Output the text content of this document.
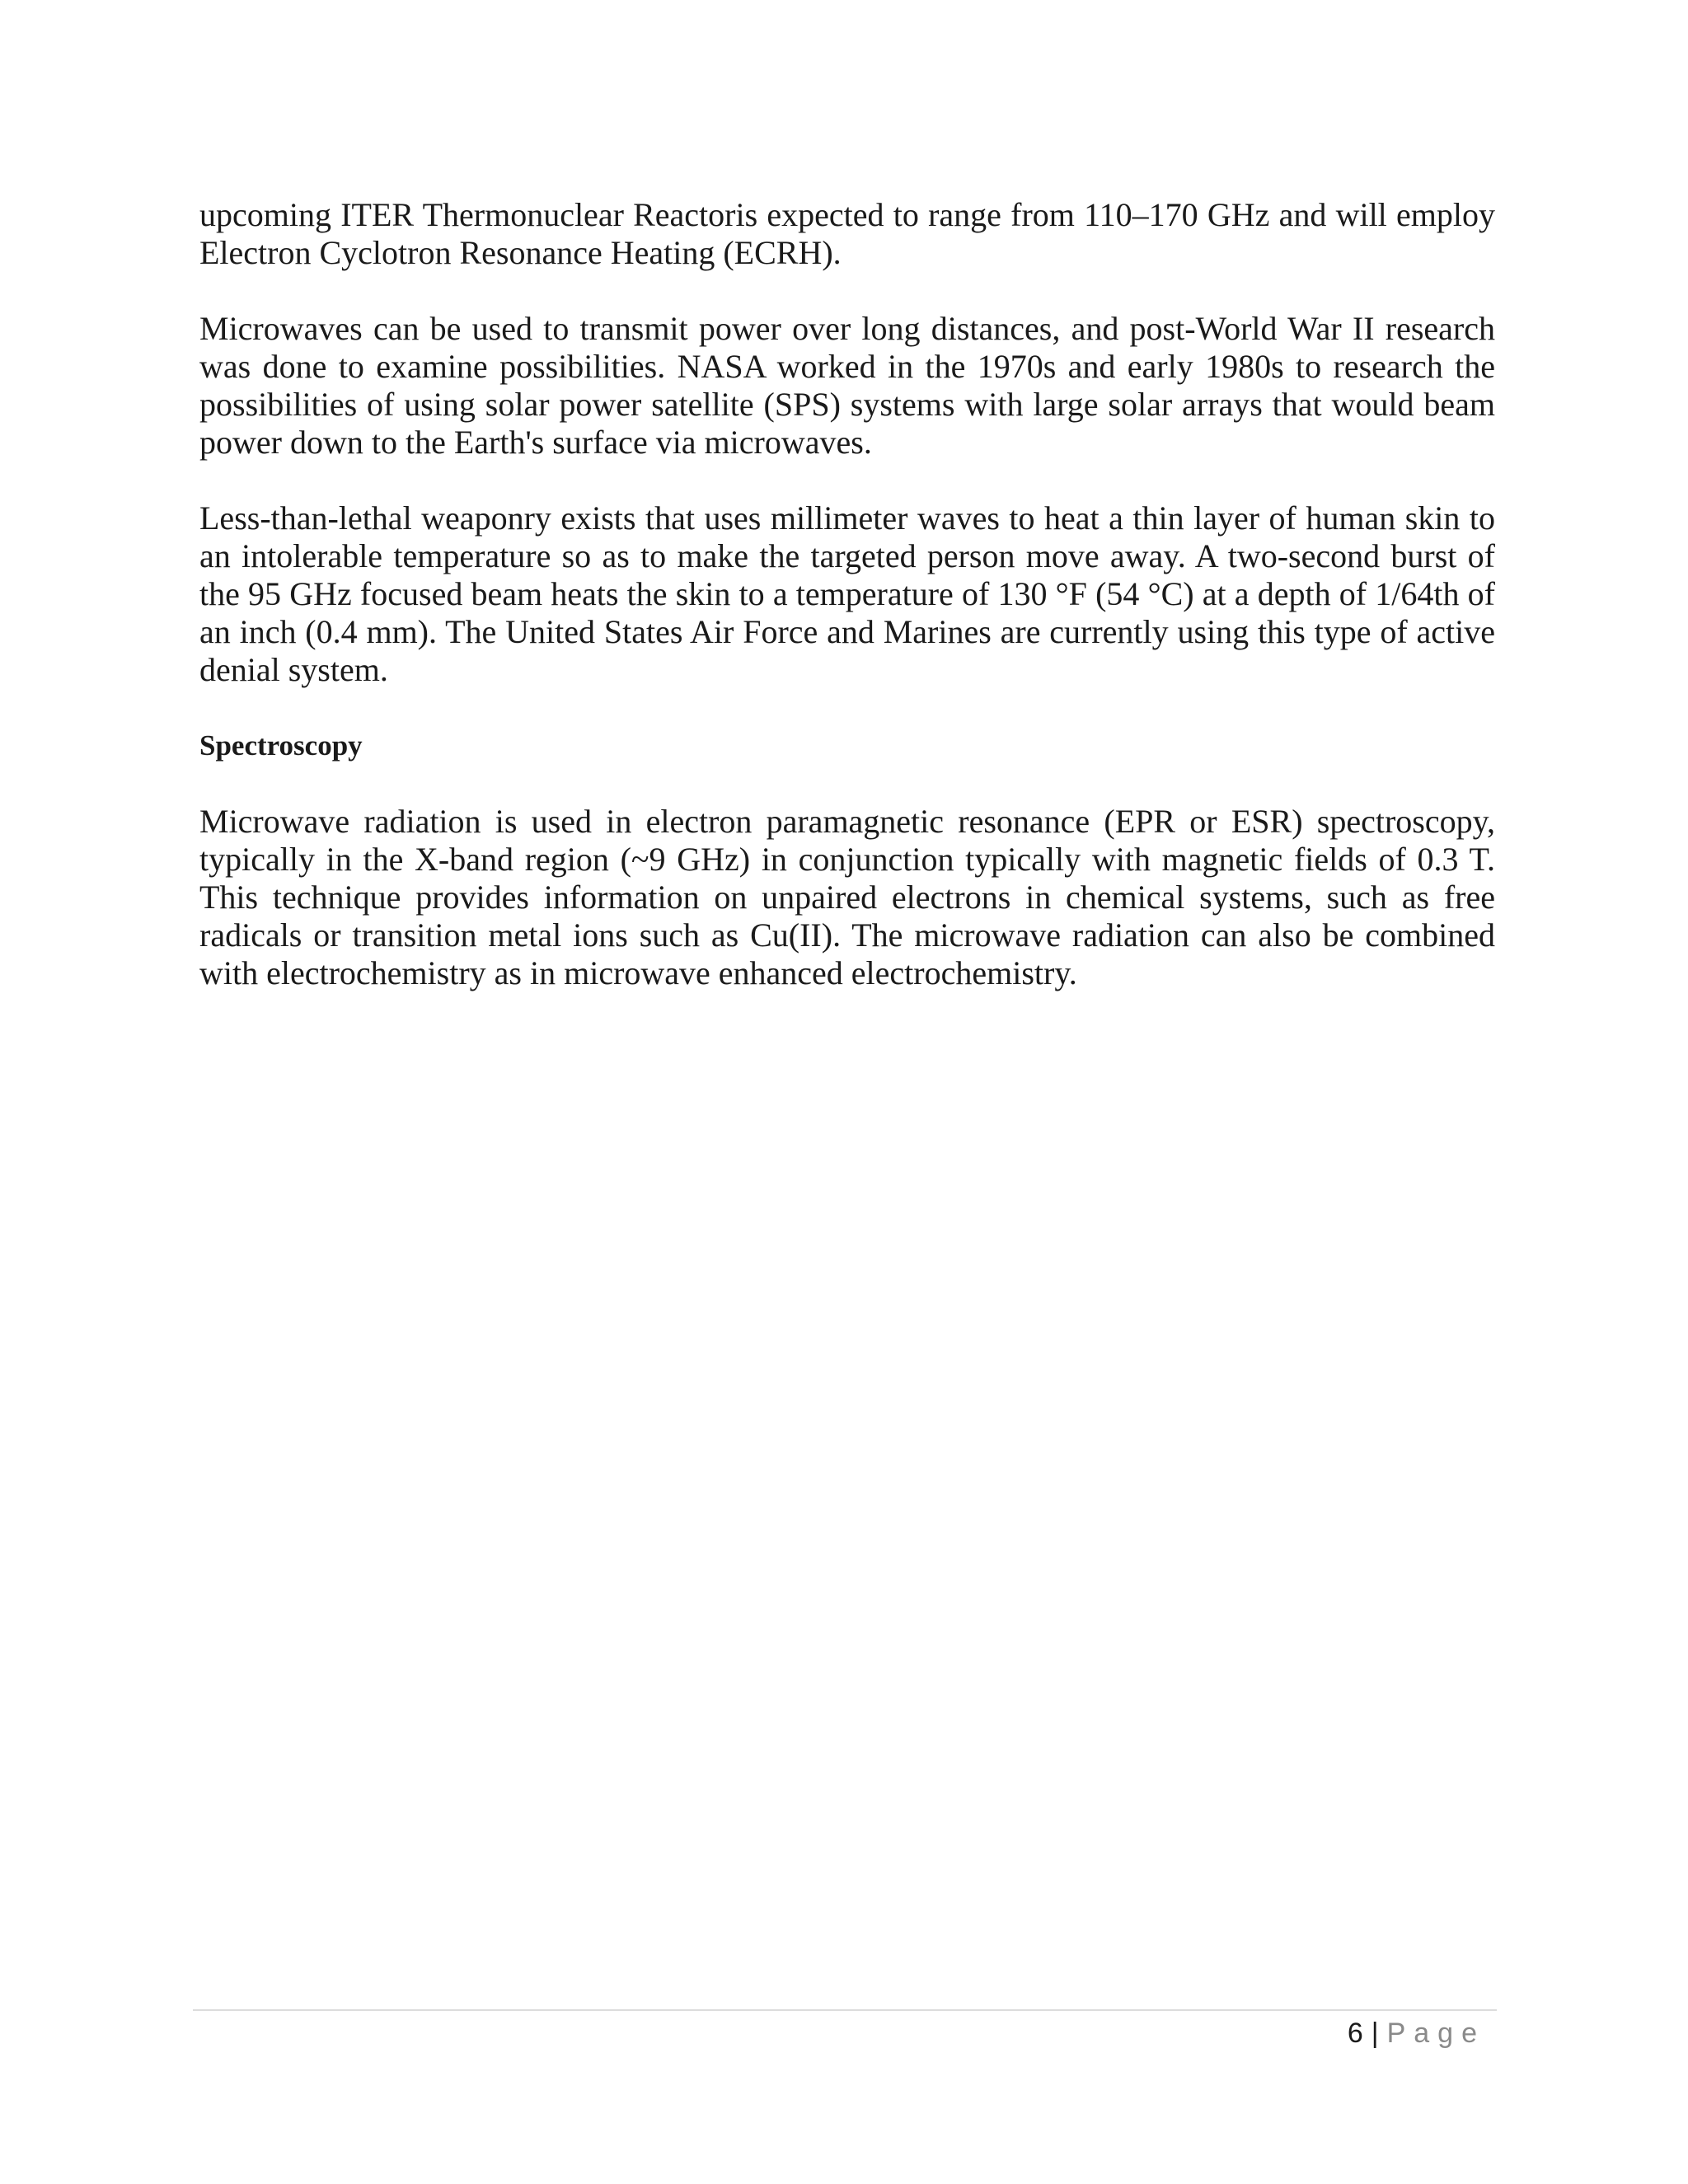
upcoming ITER Thermonuclear Reactoris expected to range from 110–170 GHz and will employ Electron Cyclotron Resonance Heating (ECRH).

Microwaves can be used to transmit power over long distances, and post-World War II research was done to examine possibilities. NASA worked in the 1970s and early 1980s to research the possibilities of using solar power satellite (SPS) systems with large solar arrays that would beam power down to the Earth's surface via microwaves.

Less-than-lethal weaponry exists that uses millimeter waves to heat a thin layer of human skin to an intolerable temperature so as to make the targeted person move away. A two-second burst of the 95 GHz focused beam heats the skin to a temperature of 130 °F (54 °C) at a depth of 1/64th of an inch (0.4 mm). The United States Air Force and Marines are currently using this type of active denial system.

Spectroscopy

Microwave radiation is used in electron paramagnetic resonance (EPR or ESR) spectroscopy, typically in the X-band region (~9 GHz) in conjunction typically with magnetic fields of 0.3 T. This technique provides information on unpaired electrons in chemical systems, such as free radicals or transition metal ions such as Cu(II). The microwave radiation can also be combined with electrochemistry as in microwave enhanced electrochemistry.

6 | Page
